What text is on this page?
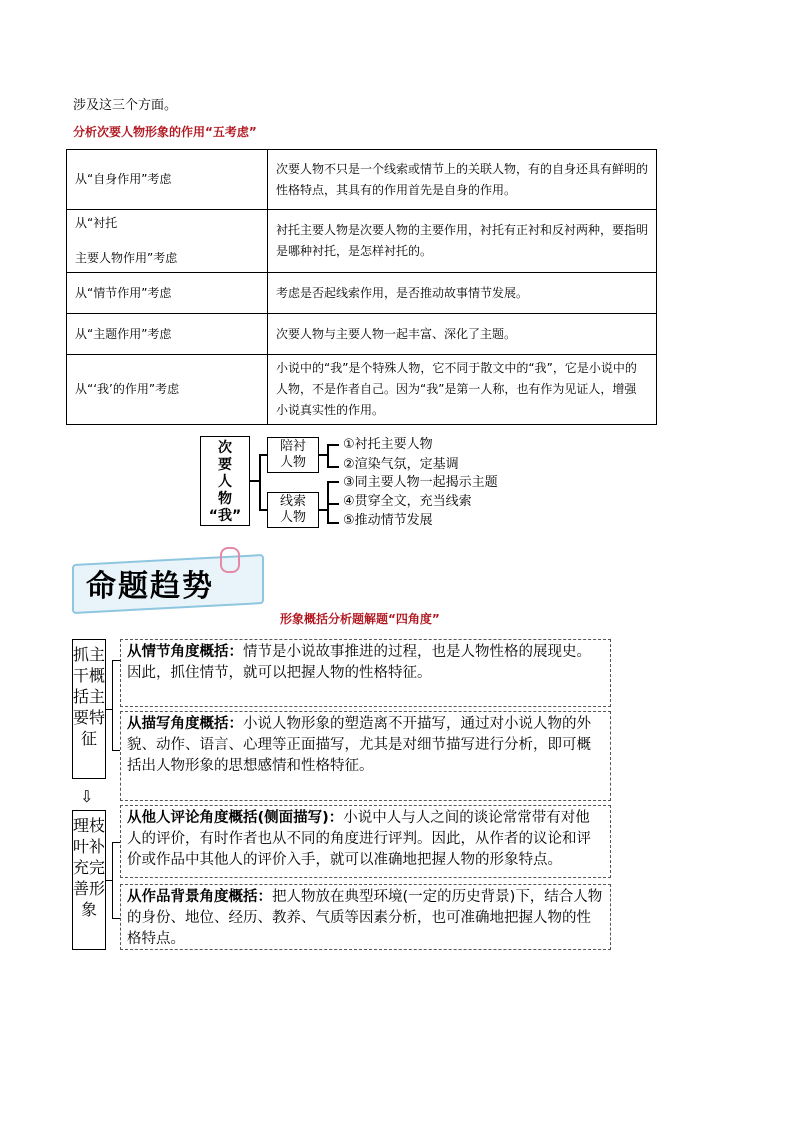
涉及这三个方面。
分析次要人物形象的作用“五考虑”
从“自身作用”考虑	次要人物不只是一个线索或情节上的关联人物，有的自身还具有鲜明的性格特点，其具有的作用首先是自身的作用。

从“衬托
主要人物作用”考虑	衬托主要人物是次要人物的主要作用，衬托有正衬和反衬两种，要指明是哪种衬托，是怎样衬托的。
从“情节作用”考虑	考虑是否起线索作用，是否推动故事情节发展。
从“主题作用”考虑	次要人物与主要人物一起丰富、深化了主题。
从“‘我’的作用”考虑	小说中的“我”是个特殊人物，它不同于散文中的“我”，它是小说中的人物，不是作者自己。因为“我”是第一人称，也有作为见证人，增强小说真实性的作用。
次
要
人
物
“我”
陪衬
人物
线索
人物
①衬托主要人物
②渲染气氛，定基调
③同主要人物一起揭示主题
④贯穿全文，充当线索
⑤推动情节发展
命题趋势
形象概括分析题解题“四角度”
抓主干概括主要特征
⇩
理枝叶补充完善形象
从情节角度概括：情节是小说故事推进的过程，也是人物性格的展现史。因此，抓住情节，就可以把握人物的性格特征。
从描写角度概括：小说人物形象的塑造离不开描写，通过对小说人物的外貌、动作、语言、心理等正面描写，尤其是对细节描写进行分析，即可概括出人物形象的思想感情和性格特征。
从他人评论角度概括(侧面描写)：小说中人与人之间的谈论常常带有对他人的评价，有时作者也从不同的角度进行评判。因此，从作者的议论和评价或作品中其他人的评价入手，就可以准确地把握人物的形象特点。
从作品背景角度概括：把人物放在典型环境(一定的历史背景)下，结合人物的身份、地位、经历、教养、气质等因素分析，也可准确地把握人物的性格特点。
